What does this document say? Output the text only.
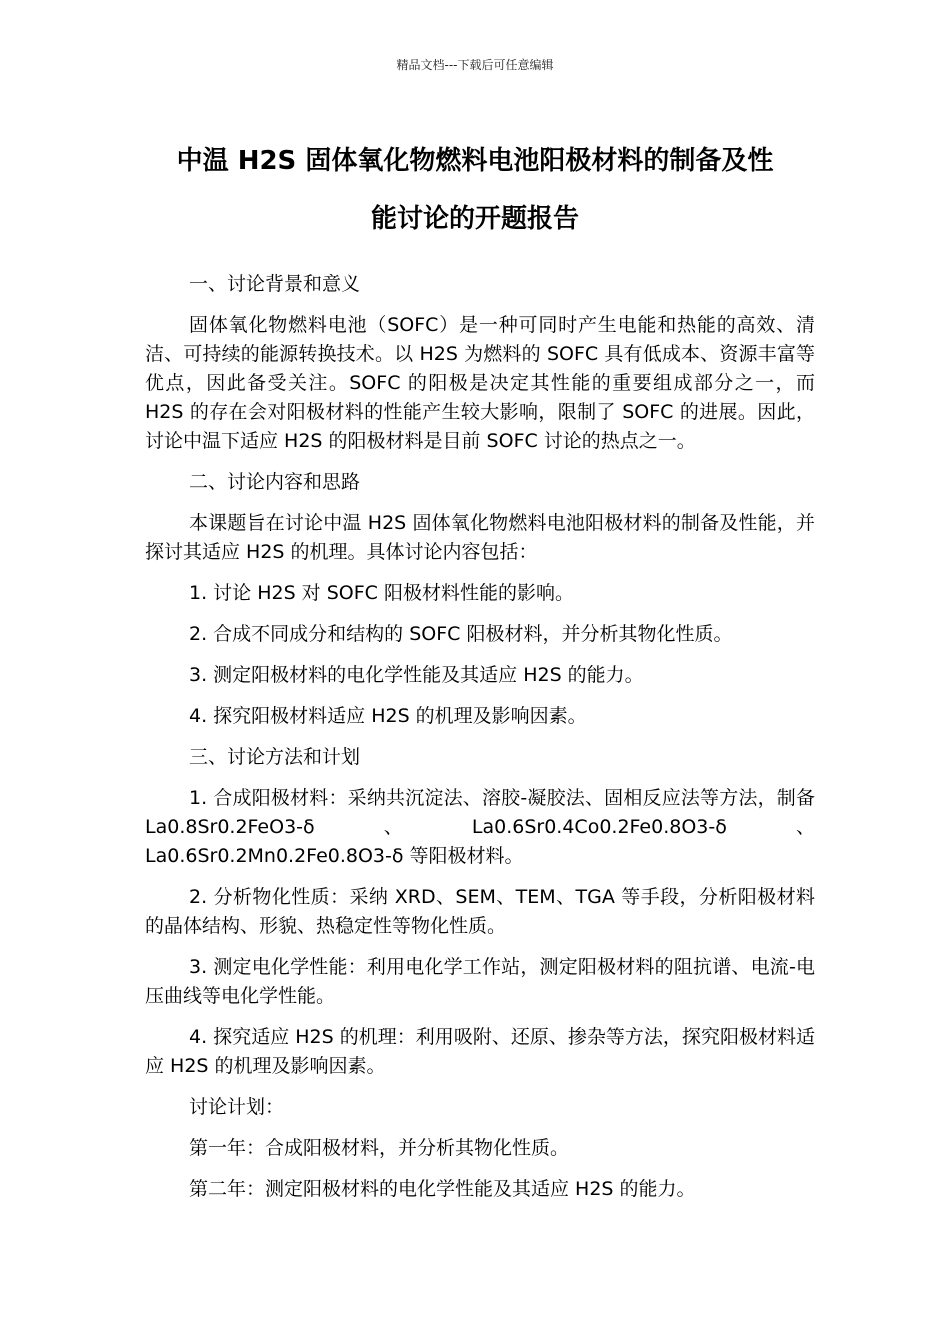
精品文档---下载后可任意编辑
中温 H2S 固体氧化物燃料电池阳极材料的制备及性
能讨论的开题报告

一、讨论背景和意义

固体氧化物燃料电池（SOFC）是一种可同时产生电能和热能的高效、清洁、可持续的能源转换技术。以 H2S 为燃料的 SOFC 具有低成本、资源丰富等优点，因此备受关注。SOFC 的阳极是决定其性能的重要组成部分之一，而 H2S 的存在会对阳极材料的性能产生较大影响，限制了 SOFC 的进展。因此，讨论中温下适应 H2S 的阳极材料是目前 SOFC 讨论的热点之一。

二、讨论内容和思路

本课题旨在讨论中温 H2S 固体氧化物燃料电池阳极材料的制备及性能，并探讨其适应 H2S 的机理。具体讨论内容包括：

1. 讨论 H2S 对 SOFC 阳极材料性能的影响。

2. 合成不同成分和结构的 SOFC 阳极材料，并分析其物化性质。

3. 测定阳极材料的电化学性能及其适应 H2S 的能力。

4. 探究阳极材料适应 H2S 的机理及影响因素。

三、讨论方法和计划

1. 合成阳极材料：采纳共沉淀法、溶胶-凝胶法、固相反应法等方法，制备 La0.8Sr0.2FeO3-δ、La0.6Sr0.4Co0.2Fe0.8O3-δ、La0.6Sr0.2Mn0.2Fe0.8O3-δ 等阳极材料。

2. 分析物化性质：采纳 XRD、SEM、TEM、TGA 等手段，分析阳极材料的晶体结构、形貌、热稳定性等物化性质。

3. 测定电化学性能：利用电化学工作站，测定阳极材料的阻抗谱、电流-电压曲线等电化学性能。

4. 探究适应 H2S 的机理：利用吸附、还原、掺杂等方法，探究阳极材料适应 H2S 的机理及影响因素。

讨论计划：

第一年：合成阳极材料，并分析其物化性质。

第二年：测定阳极材料的电化学性能及其适应 H2S 的能力。
